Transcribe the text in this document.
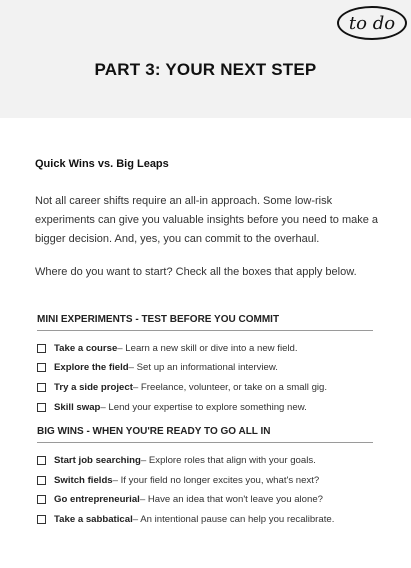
to do
PART 3: YOUR NEXT STEP
Quick Wins vs. Big Leaps
Not all career shifts require an all-in approach. Some low-risk experiments can give you valuable insights before you need to make a bigger decision. And, yes, you can commit to the overhaul.
Where do you want to start? Check all the boxes that apply below.
MINI EXPERIMENTS - TEST BEFORE YOU COMMIT
Take a course – Learn a new skill or dive into a new field.
Explore the field – Set up an informational interview.
Try a side project – Freelance, volunteer, or take on a small gig.
Skill swap – Lend your expertise to explore something new.
BIG WINS - WHEN YOU'RE READY TO GO ALL IN
Start job searching – Explore roles that align with your goals.
Switch fields – If your field no longer excites you, what's next?
Go entrepreneurial – Have an idea that won't leave you alone?
Take a sabbatical – An intentional pause can help you recalibrate.
